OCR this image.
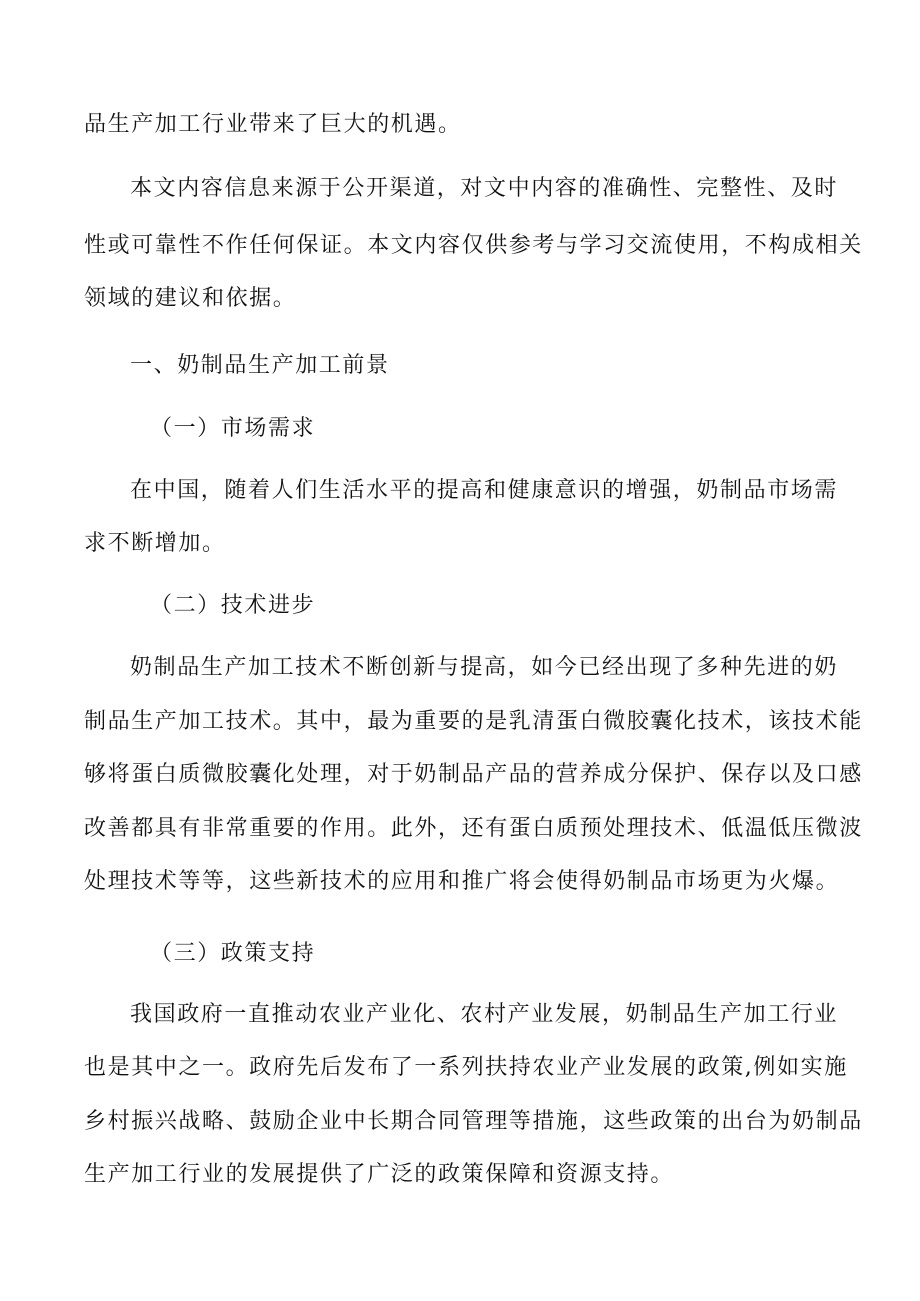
品生产加工行业带来了巨大的机遇。
本文内容信息来源于公开渠道，对文中内容的准确性、完整性、及时
性或可靠性不作任何保证。本文内容仅供参考与学习交流使用，不构成相关
领域的建议和依据。
一、奶制品生产加工前景
（一）市场需求
在中国，随着人们生活水平的提高和健康意识的增强，奶制品市场需
求不断增加。
（二）技术进步
奶制品生产加工技术不断创新与提高，如今已经出现了多种先进的奶
制品生产加工技术。其中，最为重要的是乳清蛋白微胶囊化技术，该技术能
够将蛋白质微胶囊化处理，对于奶制品产品的营养成分保护、保存以及口感
改善都具有非常重要的作用。此外，还有蛋白质预处理技术、低温低压微波
处理技术等等，这些新技术的应用和推广将会使得奶制品市场更为火爆。
（三）政策支持
我国政府一直推动农业产业化、农村产业发展，奶制品生产加工行业
也是其中之一。政府先后发布了一系列扶持农业产业发展的政策,例如实施
乡村振兴战略、鼓励企业中长期合同管理等措施，这些政策的出台为奶制品
生产加工行业的发展提供了广泛的政策保障和资源支持。
